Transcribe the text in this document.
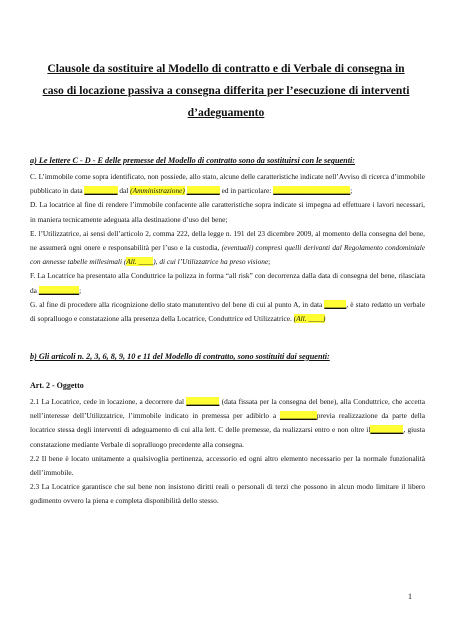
Clausole da sostituire al Modello di contratto e di Verbale di consegna in caso di locazione passiva a consegna differita per l’esecuzione di interventi d’adeguamento
a) Le lettere C - D - E delle premesse del Modello di contratto sono da sostituirsi con le seguenti:

C. L’immobile come sopra identificato, non possiede, allo stato, alcune delle caratteristiche indicate nell’Avviso di ricerca d’immobile pubblicato in data _________ dal (Amministrazione) _________ ed in particolare: _____________________;

D. La locatrice al fine di rendere l’immobile confacente alle caratteristiche sopra indicate si impegna ad effettuare i lavori necessari, in maniera tecnicamente adeguata alla destinazione d’uso del bene;

E. l’Utilizzatrice, ai sensi dell’articolo 2, comma 222, della legge n. 191 del 23 dicembre 2009, al momento della consegna del bene, ne assumerà ogni onere e responsabilità per l’uso e la custodia, (eventuali) compresi quelli derivanti dal Regolamento condominiale con annesse tabelle millesimali (All. ____), di cui l’Utilizzatrice ha preso visione;

F. La Locatrice ha presentato alla Conduttrice la polizza in forma “all risk” con decorrenza dalla data di consegna del bene, rilasciata da ___________;

G. al fine di procedere alla ricognizione dello stato manutentivo del bene di cui al punto A, in data ______, è stato redatto un verbale di sopralluogo e constatazione alla presenza della Locatrice, Conduttrice ed Utilizzatrice. (All. ____)

b) Gli articoli n. 2, 3, 6, 8, 9, 10 e 11 del Modello di contratto, sono sostituiti dai seguenti:
Art. 2 - Oggetto

2.1 La Locatrice, cede in locazione, a decorrere dal _________ (data fissata per la consegna del bene), alla Conduttrice, che accetta nell’interesse dell’Utilizzatrice, l’immobile indicato in premessa per adibirlo a __________previa realizzazione da parte della locatrice stessa degli interventi di adeguamento di cui alla lett. C delle premesse, da realizzarsi entro e non oltre il_________, giusta constatazione mediante Verbale di sopralluogo precedente alla consegna.

2.2 Il bene è locato unitamente a qualsivoglia pertinenza, accessorio ed ogni altro elemento necessario per la normale funzionalità dell’immobile.

2.3 La Locatrice garantisce che sul bene non insistono diritti reali o personali di terzi che possono in alcun modo limitare il libero godimento ovvero la piena e completa disponibilità dello stesso.

1
